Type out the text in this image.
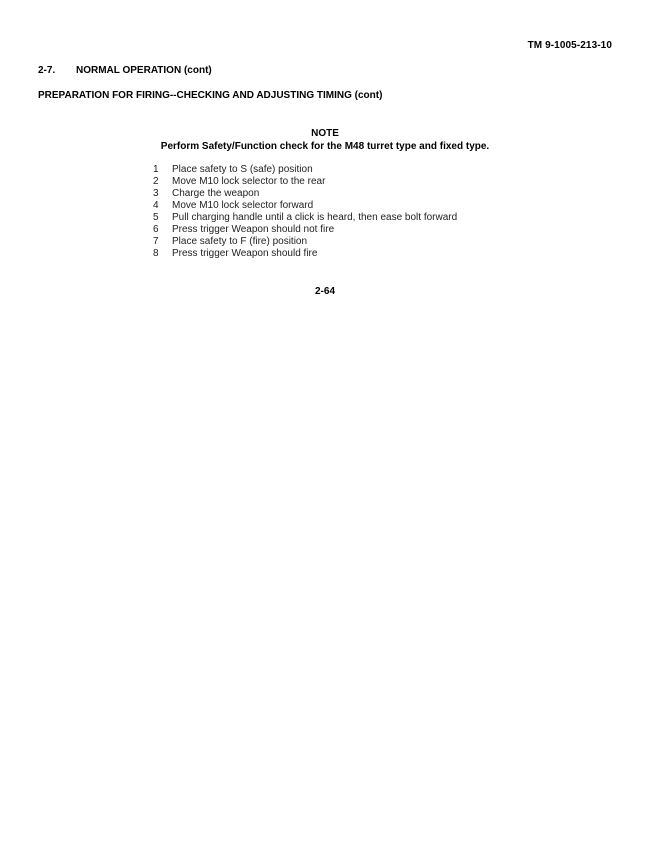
TM 9-1005-213-10
2-7. NORMAL OPERATION (cont)
PREPARATION FOR FIRING--CHECKING AND ADJUSTING TIMING (cont)
NOTE
Perform Safety/Function check for the M48 turret type and fixed type.
1	Place safety to S (safe) position
2	Move M10 lock selector to the rear
3	Charge the weapon
4	Move M10 lock selector forward
5	Pull charging handle until a click is heard, then ease bolt forward
6	Press trigger Weapon should not fire
7	Place safety to F (fire) position
8	Press trigger Weapon should fire
2-64
